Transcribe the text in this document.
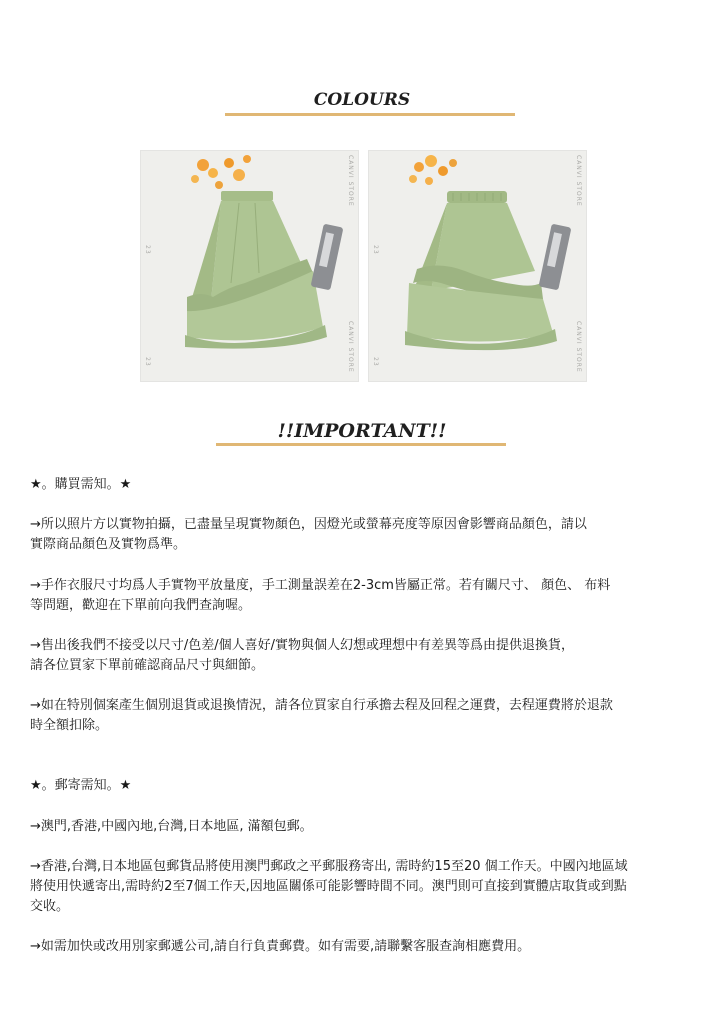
COLOURS
CANVI STORE
23
CANVI STORE
23
CANVI STORE
23
CANVI STORE
23
!!IMPORTANT!!
★。購買需知。★
→所以照片方以實物拍攝，已盡量呈現實物顏色，因燈光或螢幕亮度等原因會影響商品顏色，請以
實際商品顏色及實物爲準。
→手作衣服尺寸均爲人手實物平放量度，手工測量誤差在2-3cm皆屬正常。若有關尺寸、 顏色、 布料
等問題，歡迎在下單前向我們查詢喔。
→售出後我們不接受以尺寸/色差/個人喜好/實物與個人幻想或理想中有差異等爲由提供退換貨，
請各位買家下單前確認商品尺寸與細節。
→如在特別個案產生個別退貨或退換情況，請各位買家自行承擔去程及回程之運費，去程運費將於退款
時全額扣除。
★。郵寄需知。★
→澳門,香港,中國內地,台灣,日本地區, 滿額包郵。
→香港,台灣,日本地區包郵貨品將使用澳門郵政之平郵服務寄出, 需時約15至20 個工作天。中國內地區域
將使用快遞寄出,需時約2至7個工作天,因地區關係可能影響時間不同。澳門則可直接到實體店取貨或到點
交收。
→如需加快或改用別家郵遞公司,請自行負責郵費。如有需要,請聯繫客服查詢相應費用。
